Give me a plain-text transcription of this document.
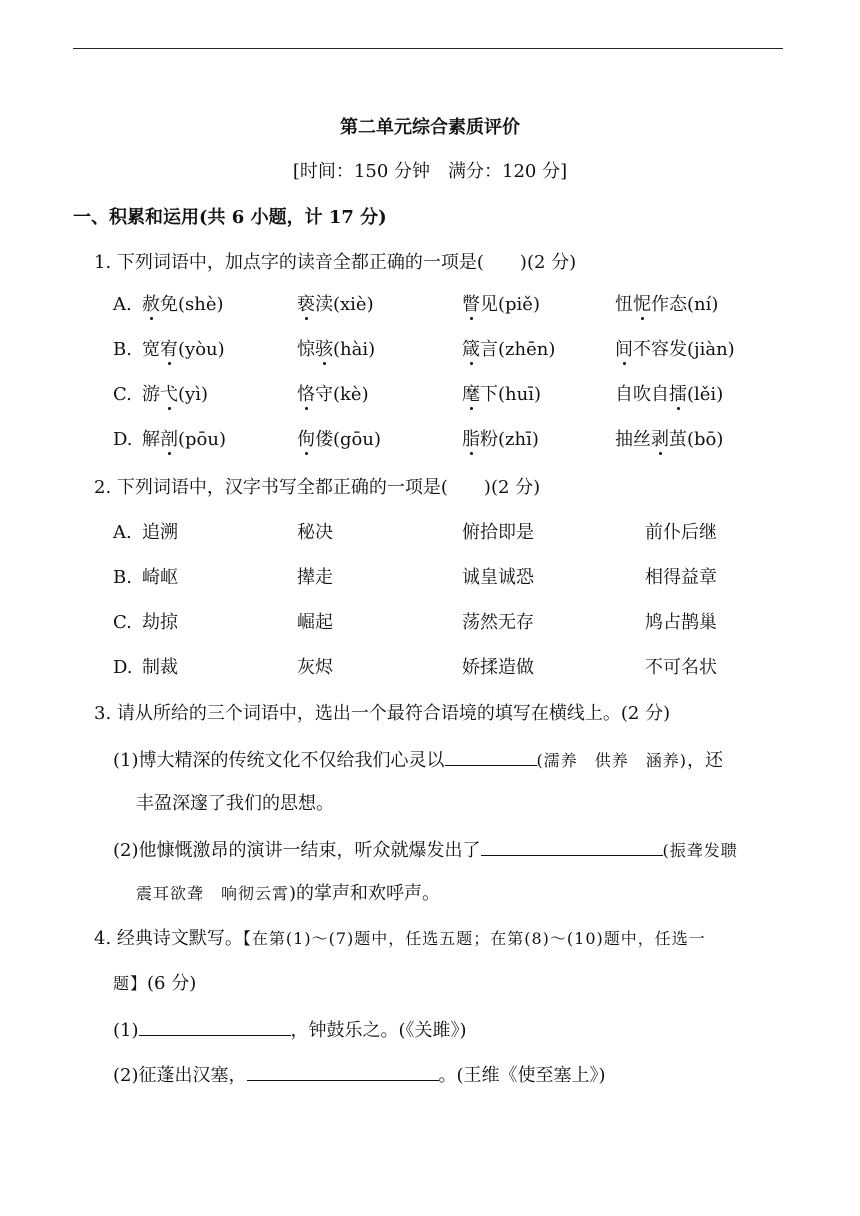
第二单元综合素质评价
[时间：150 分钟　满分：120 分]
一、积累和运用(共 6 小题，计 17 分)
1. 下列词语中，加点字的读音全都正确的一项是(　　)(2 分)
A. 赦免(shè)	亵渎(xiè)	瞥见(piě)	忸怩作态(ní)
B. 宽宥(yòu)	惊骇(hài)	箴言(zhēn)	间不容发(jiàn)
C. 游弋(yì)	恪守(kè)	麾下(huī)	自吹自擂(lěi)
D. 解剖(pōu)	佝偻(gōu)	脂粉(zhī)	抽丝剥茧(bō)
2. 下列词语中，汉字书写全都正确的一项是(　　)(2 分)
A. 追溯	秘决	俯拾即是	前仆后继
B. 崎岖	撵走	诚皇诚恐	相得益章
C. 劫掠	崛起	荡然无存	鸠占鹊巢
D. 制裁	灰烬	娇揉造做	不可名状
3. 请从所给的三个词语中，选出一个最符合语境的填写在横线上。(2 分)
(1)博大精深的传统文化不仅给我们心灵以	(濡养　供养　涵养)，还
丰盈深邃了我们的思想。
(2)他慷慨激昂的演讲一结束，听众就爆发出了	(振聋发聩
震耳欲聋　响彻云霄)的掌声和欢呼声。
4. 经典诗文默写。【在第(1)～(7)题中，任选五题；在第(8)～(10)题中，任选一
题】(6 分)
(1)	，钟鼓乐之。(《关雎》)
(2)征蓬出汉塞，	。(王维《使至塞上》)
